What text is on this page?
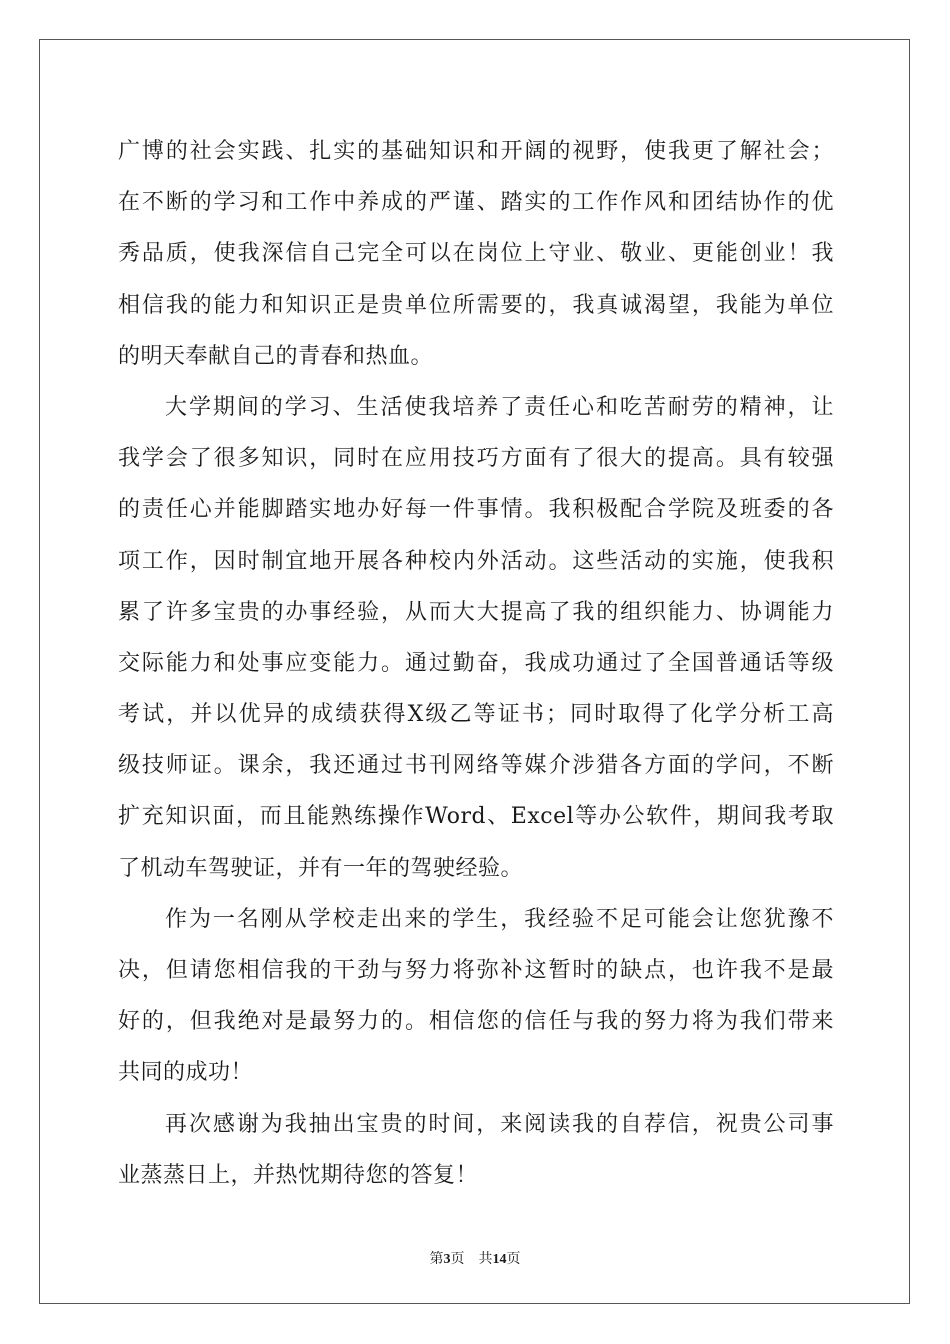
广博的社会实践、扎实的基础知识和开阔的视野，使我更了解社会；
在不断的学习和工作中养成的严谨、踏实的工作作风和团结协作的优
秀品质，使我深信自己完全可以在岗位上守业、敬业、更能创业！我
相信我的能力和知识正是贵单位所需要的，我真诚渴望，我能为单位
的明天奉献自己的青春和热血。
大学期间的学习、生活使我培养了责任心和吃苦耐劳的精神，让
我学会了很多知识，同时在应用技巧方面有了很大的提高。具有较强
的责任心并能脚踏实地办好每一件事情。我积极配合学院及班委的各
项工作，因时制宜地开展各种校内外活动。这些活动的实施，使我积
累了许多宝贵的办事经验，从而大大提高了我的组织能力、协调能力
交际能力和处事应变能力。通过勤奋，我成功通过了全国普通话等级
考试，并以优异的成绩获得X级乙等证书；同时取得了化学分析工高
级技师证。课余，我还通过书刊网络等媒介涉猎各方面的学问，不断
扩充知识面，而且能熟练操作Word、Excel等办公软件，期间我考取
了机动车驾驶证，并有一年的驾驶经验。
作为一名刚从学校走出来的学生，我经验不足可能会让您犹豫不
决，但请您相信我的干劲与努力将弥补这暂时的缺点，也许我不是最
好的，但我绝对是最努力的。相信您的信任与我的努力将为我们带来
共同的成功！
再次感谢为我抽出宝贵的时间，来阅读我的自荐信，祝贵公司事
业蒸蒸日上，并热忱期待您的答复！
第3页 共14页
